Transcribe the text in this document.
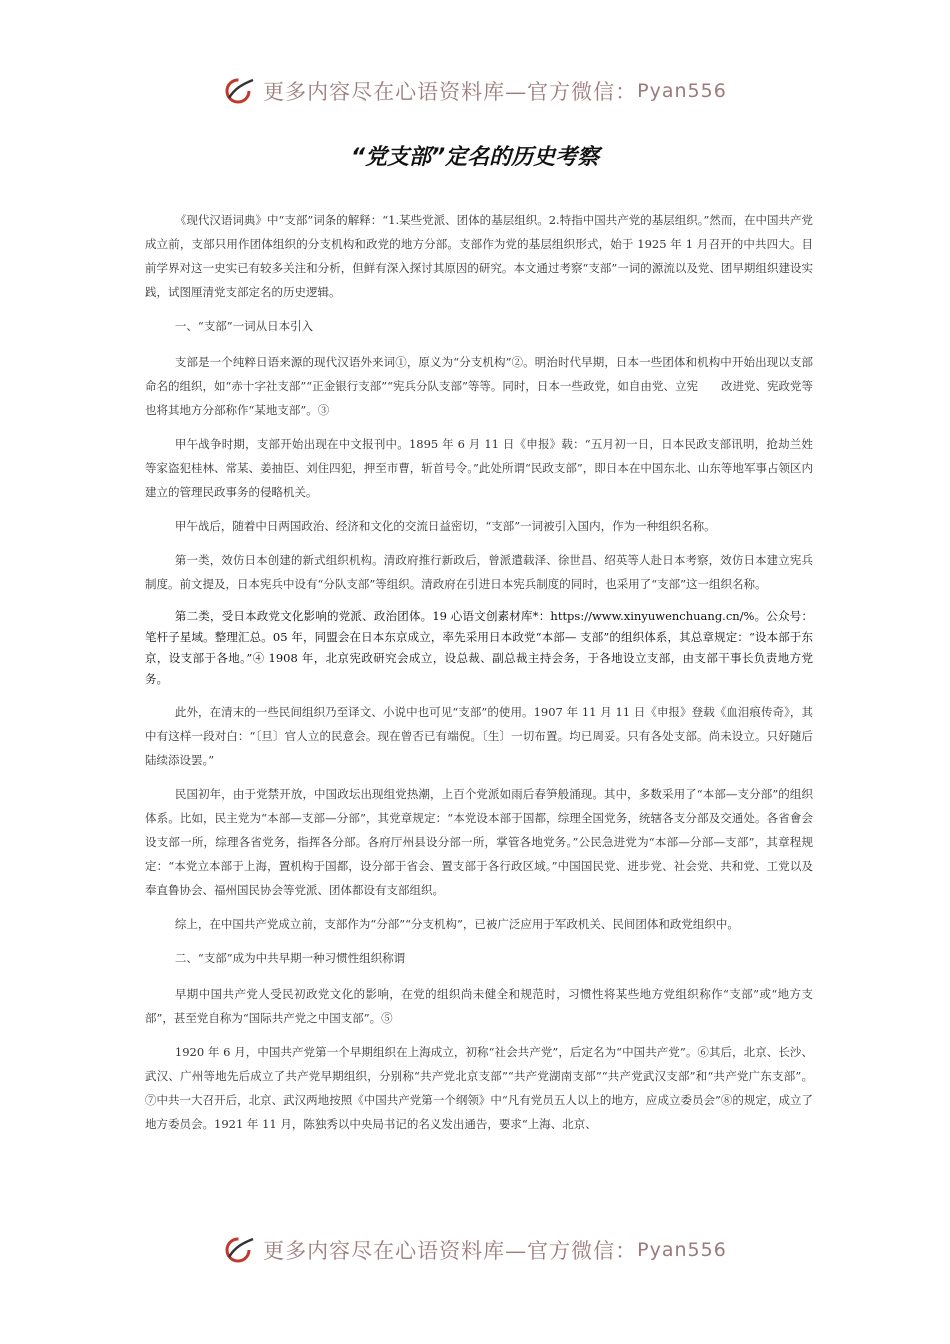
更多内容尽在心语资料库—官方微信： Pyan556
“党支部”定名的历史考察

《现代汉语词典》中“支部”词条的解释：“1.某些党派、团体的基层组织。2.特指中国共产党的基层组织。”然而，在中国共产党成立前，支部只用作团体组织的分支机构和政党的地方分部。支部作为党的基层组织形式，始于 1925 年 1 月召开的中共四大。目前学界对这一史实已有较多关注和分析，但鲜有深入探讨其原因的研究。本文通过考察“支部”一词的源流以及党、团早期组织建设实践，试图厘清党支部定名的历史逻辑。

一、“支部”一词从日本引入

支部是一个纯粹日语来源的现代汉语外来词①，原义为“分支机构”②。明治时代早期，日本一些团体和机构中开始出现以支部命名的组织，如“赤十字社支部”“正金银行支部”“宪兵分队支部”等等。同时，日本一些政党，如自由党、立宪　　改进党、宪政党等也将其地方分部称作“某地支部”。③

甲午战争时期，支部开始出现在中文报刊中。1895 年 6 月 11 日《申报》载：“五月初一日，日本民政支部讯明，抢劫兰姓等家盗犯桂林、常某、姜抽臣、刘住四犯，押至市曹，斩首号令。”此处所谓“民政支部”，即日本在中国东北、山东等地军事占领区内建立的管理民政事务的侵略机关。

甲午战后，随着中日两国政治、经济和文化的交流日益密切，“支部”一词被引入国内，作为一种组织名称。

第一类，效仿日本创建的新式组织机构。清政府推行新政后，曾派遣载泽、徐世昌、绍英等人赴日本考察，效仿日本建立宪兵制度。前文提及，日本宪兵中设有“分队支部”等组织。清政府在引进日本宪兵制度的同时，也采用了“支部”这一组织名称。

第二类，受日本政党文化影响的党派、政治团体。19 心语文创素材库*：https://www.xinyuwenchuang.cn/%。公众号：笔杆子星域。整理汇总。05 年，同盟会在日本东京成立，率先采用日本政党“本部— 支部”的组织体系，其总章规定：“设本部于东京，设支部于各地。”④ 1908 年，北京宪政研究会成立，设总裁、副总裁主持会务，于各地设立支部，由支部干事长负责地方党务。

此外，在清末的一些民间组织乃至译文、小说中也可见“支部”的使用。1907 年 11 月 11 日《申报》登载《血泪痕传奇》，其中有这样一段对白：“〔旦〕官人立的民意会。现在曾否已有端倪。〔生〕一切布置。均已周妥。只有各处支部。尚未设立。只好随后陆续添设罢。”

民国初年，由于党禁开放，中国政坛出现组党热潮，上百个党派如雨后春笋般涌现。其中，多数采用了“本部—支分部”的组织体系。比如，民主党为“本部—支部—分部”，其党章规定：“本党设本部于国都，综理全国党务，统辖各支分部及交通处。各省會会设支部一所，综理各省党务，指挥各分部。各府厅州县设分部一所，掌管各地党务。”公民急进党为“本部—分部—支部”，其章程规定：“本党立本部于上海，置机构于国都，设分部于省会、置支部于各行政区域。”中国国民党、进步党、社会党、共和党、工党以及奉直鲁协会、福州国民协会等党派、团体都设有支部组织。

综上，在中国共产党成立前，支部作为“分部”“分支机构”，已被广泛应用于军政机关、民间团体和政党组织中。

二、“支部”成为中共早期一种习惯性组织称谓

早期中国共产党人受民初政党文化的影响，在党的组织尚未健全和规范时，习惯性将某些地方党组织称作“支部”或“地方支部”，甚至党自称为“国际共产党之中国支部”。⑤

1920 年 6 月，中国共产党第一个早期组织在上海成立，初称“社会共产党”，后定名为“中国共产党”。⑥其后，北京、长沙、武汉、广州等地先后成立了共产党早期组织，分别称“共产党北京支部”“共产党湖南支部”“共产党武汉支部”和“共产党广东支部”。⑦中共一大召开后，北京、武汉两地按照《中国共产党第一个纲领》中“凡有党员五人以上的地方，应成立委员会”⑧的规定，成立了地方委员会。1921 年 11 月，陈独秀以中央局书记的名义发出通告，要求“上海、北京、

更多内容尽在心语资料库—官方微信： Pyan556
